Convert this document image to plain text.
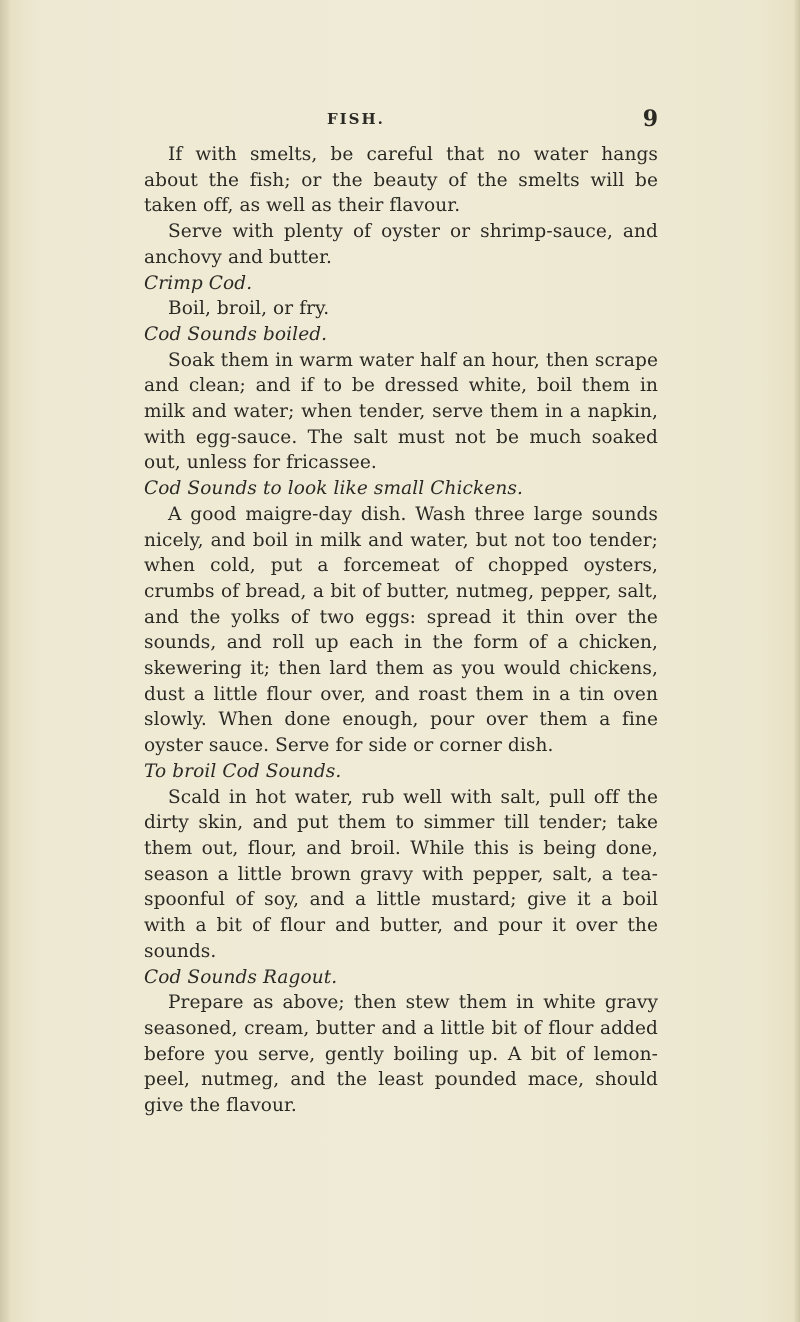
FISH.	9

If with smelts, be careful that no water hangs about the fish; or the beauty of the smelts will be taken off, as well as their flavour.

Serve with plenty of oyster or shrimp-sauce, and anchovy and butter.

Crimp Cod.

Boil, broil, or fry.

Cod Sounds boiled.

Soak them in warm water half an hour, then scrape and clean; and if to be dressed white, boil them in milk and water; when tender, serve them in a napkin, with egg-sauce. The salt must not be much soaked out, unless for fricassee.

Cod Sounds to look like small Chickens.

A good maigre-day dish. Wash three large sounds nicely, and boil in milk and water, but not too tender; when cold, put a forcemeat of chopped oysters, crumbs of bread, a bit of butter, nutmeg, pepper, salt, and the yolks of two eggs: spread it thin over the sounds, and roll up each in the form of a chicken, skewering it; then lard them as you would chickens, dust a little flour over, and roast them in a tin oven slowly. When done enough, pour over them a fine oyster sauce. Serve for side or corner dish.

To broil Cod Sounds.

Scald in hot water, rub well with salt, pull off the dirty skin, and put them to simmer till tender; take them out, flour, and broil. While this is being done, season a little brown gravy with pepper, salt, a tea-spoonful of soy, and a little mustard; give it a boil with a bit of flour and butter, and pour it over the sounds.

Cod Sounds Ragout.

Prepare as above; then stew them in white gravy seasoned, cream, butter and a little bit of flour added before you serve, gently boiling up. A bit of lemon-peel, nutmeg, and the least pounded mace, should give the flavour.
